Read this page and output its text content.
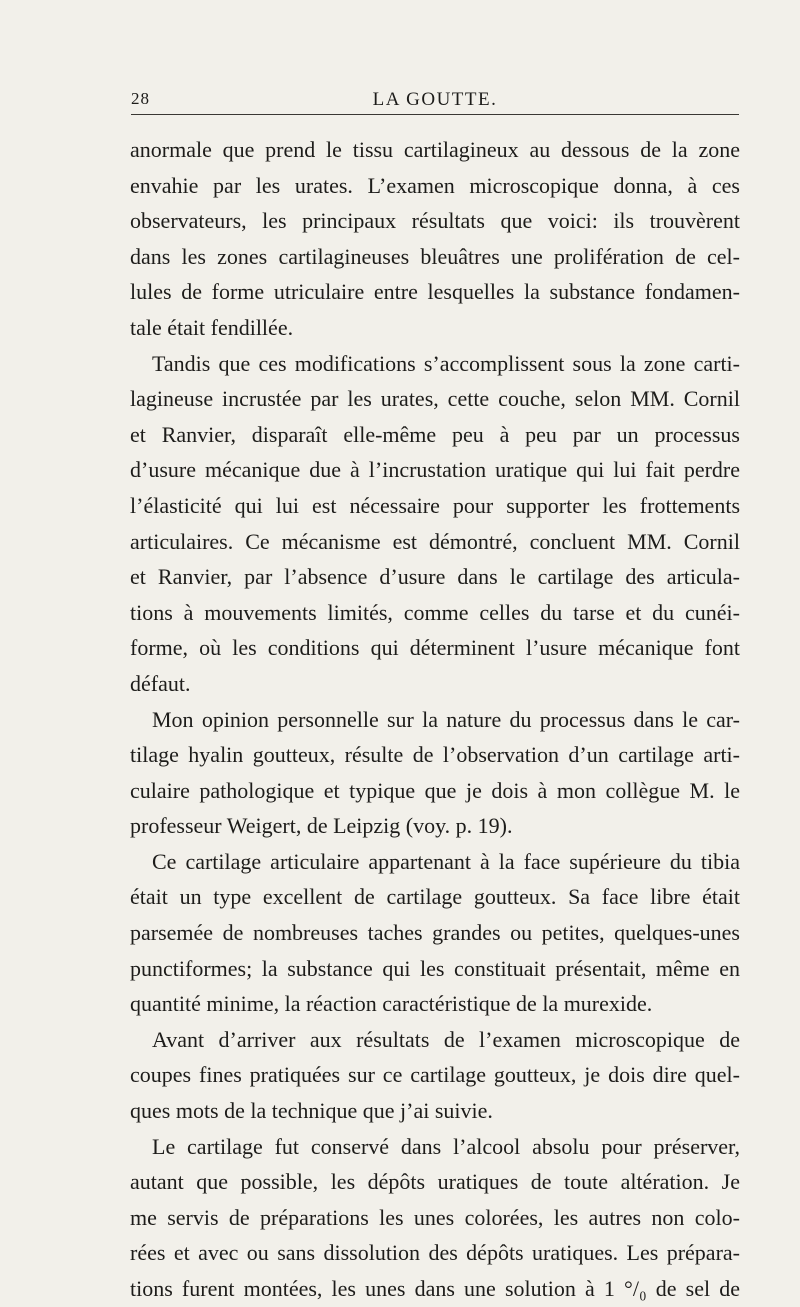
28	LA GOUTTE.
anormale que prend le tissu cartilagineux au dessous de la zone
envahie par les urates. L’examen microscopique donna, à ces
observateurs, les principaux résultats que voici: ils trouvèrent
dans les zones cartilagineuses bleuâtres une prolifération de cel-
lules de forme utriculaire entre lesquelles la substance fondamen-
tale était fendillée.
Tandis que ces modifications s’accomplissent sous la zone carti-
lagineuse incrustée par les urates, cette couche, selon MM. Cornil
et Ranvier, disparaît elle-même peu à peu par un processus
d’usure mécanique due à l’incrustation uratique qui lui fait perdre
l’élasticité qui lui est nécessaire pour supporter les frottements
articulaires. Ce mécanisme est démontré, concluent MM. Cornil
et Ranvier, par l’absence d’usure dans le cartilage des articula-
tions à mouvements limités, comme celles du tarse et du cunéi-
forme, où les conditions qui déterminent l’usure mécanique font
défaut.
Mon opinion personnelle sur la nature du processus dans le car-
tilage hyalin goutteux, résulte de l’observation d’un cartilage arti-
culaire pathologique et typique que je dois à mon collègue M. le
professeur Weigert, de Leipzig (voy. p. 19).
Ce cartilage articulaire appartenant à la face supérieure du tibia
était un type excellent de cartilage goutteux. Sa face libre était
parsemée de nombreuses taches grandes ou petites, quelques-unes
punctiformes; la substance qui les constituait présentait, même en
quantité minime, la réaction caractéristique de la murexide.
Avant d’arriver aux résultats de l’examen microscopique de
coupes fines pratiquées sur ce cartilage goutteux, je dois dire quel-
ques mots de la technique que j’ai suivie.
Le cartilage fut conservé dans l’alcool absolu pour préserver,
autant que possible, les dépôts uratiques de toute altération. Je
me servis de préparations les unes colorées, les autres non colo-
rées et avec ou sans dissolution des dépôts uratiques. Les prépara-
tions furent montées, les unes dans une solution à 1 °/₀ de sel de
